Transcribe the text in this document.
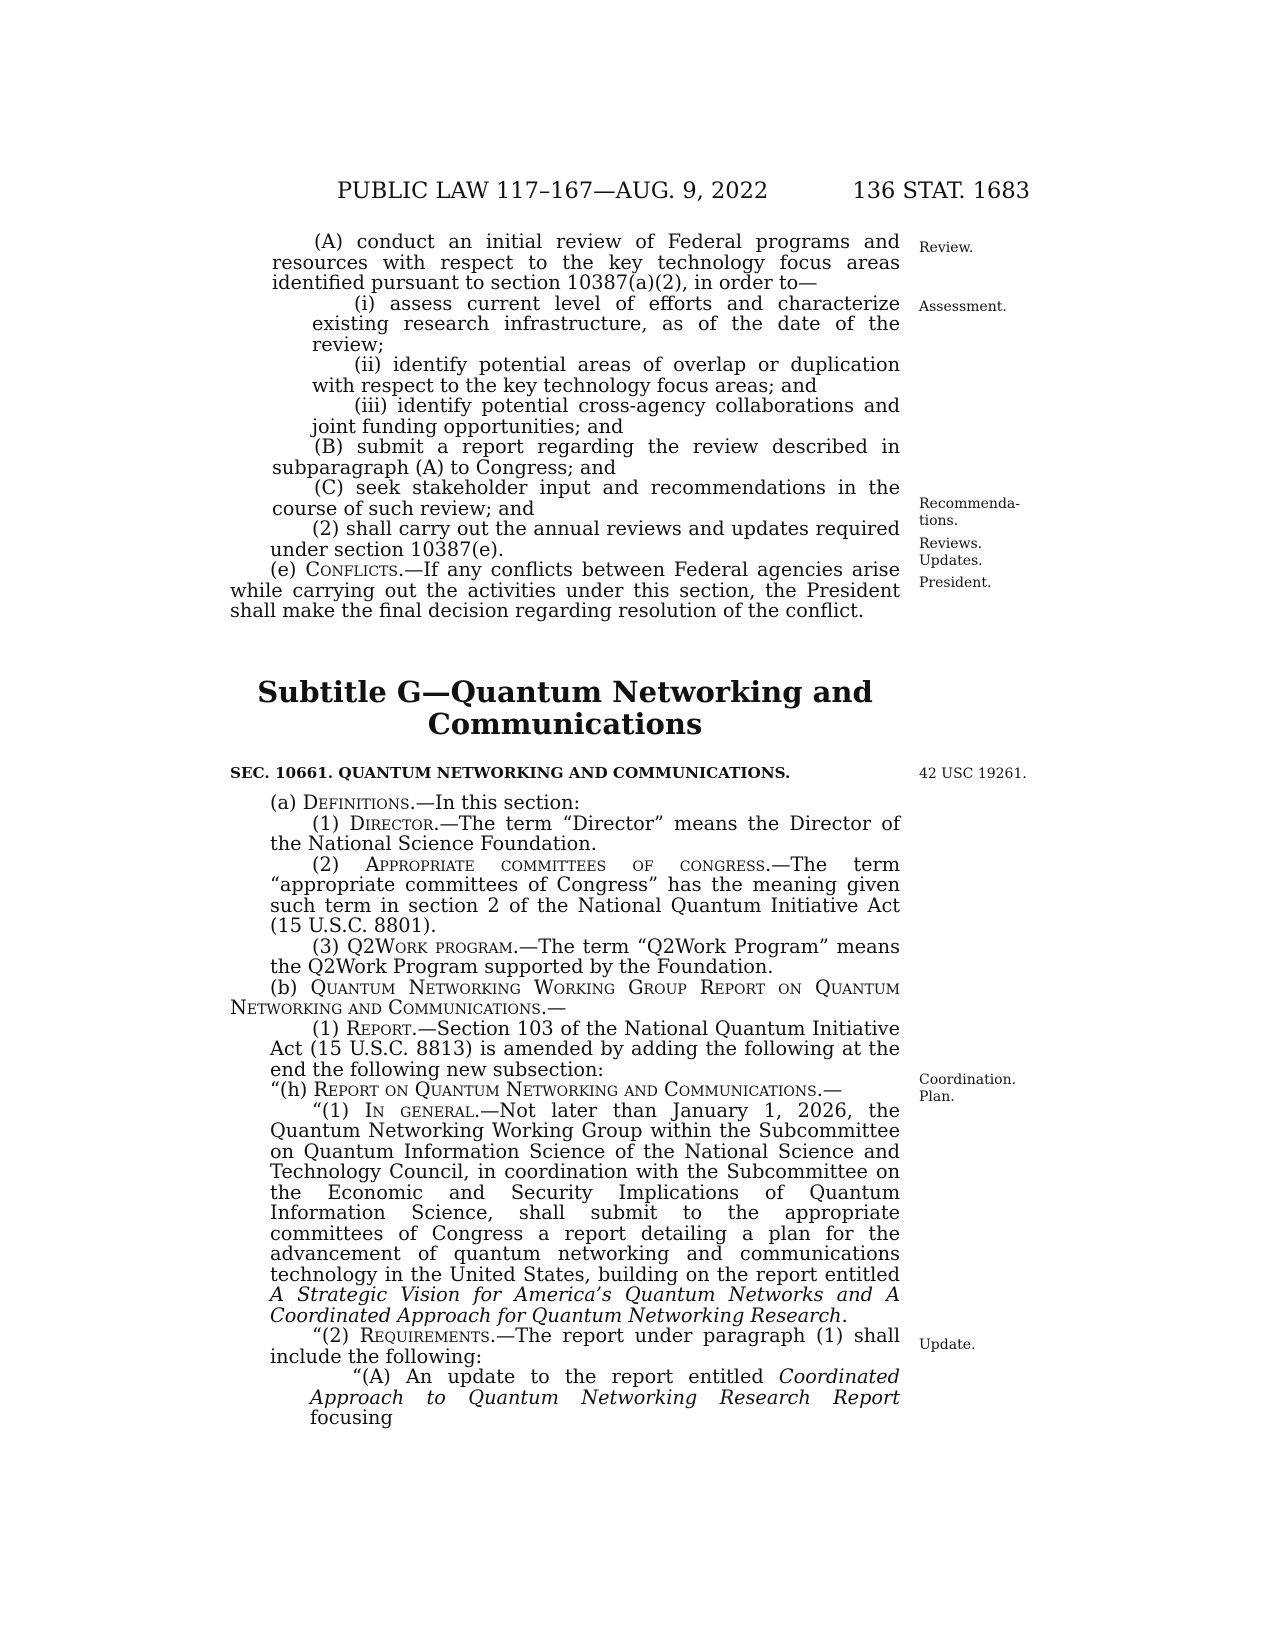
PUBLIC LAW 117–167—AUG. 9, 2022	136 STAT. 1683

(A) conduct an initial review of Federal programs and resources with respect to the key technology focus areas identified pursuant to section 10387(a)(2), in order to—

(i) assess current level of efforts and characterize existing research infrastructure, as of the date of the review;

(ii) identify potential areas of overlap or duplication with respect to the key technology focus areas; and

(iii) identify potential cross-agency collaborations and joint funding opportunities; and

(B) submit a report regarding the review described in subparagraph (A) to Congress; and

(C) seek stakeholder input and recommendations in the course of such review; and

(2) shall carry out the annual reviews and updates required under section 10387(e).

(e) Conflicts.—If any conflicts between Federal agencies arise while carrying out the activities under this section, the President shall make the final decision regarding resolution of the conflict.

Subtitle G—Quantum Networking and
Communications
SEC. 10661. QUANTUM NETWORKING AND COMMUNICATIONS.

(a) Definitions.—In this section:

(1) Director.—The term “Director” means the Director of the National Science Foundation.

(2) Appropriate committees of congress.—The term “appropriate committees of Congress” has the meaning given such term in section 2 of the National Quantum Initiative Act (15 U.S.C. 8801).

(3) Q2Work program.—The term “Q2Work Program” means the Q2Work Program supported by the Foundation.

(b) Quantum Networking Working Group Report on Quantum Networking and Communications.—

(1) Report.—Section 103 of the National Quantum Initiative Act (15 U.S.C. 8813) is amended by adding the following at the end the following new subsection:

“(h) Report on Quantum Networking and Communications.—

“(1) In general.—Not later than January 1, 2026, the Quantum Networking Working Group within the Subcommittee on Quantum Information Science of the National Science and Technology Council, in coordination with the Subcommittee on the Economic and Security Implications of Quantum Information Science, shall submit to the appropriate committees of Congress a report detailing a plan for the advancement of quantum networking and communications technology in the United States, building on the report entitled A Strategic Vision for America’s Quantum Networks and A Coordinated Approach for Quantum Networking Research.

“(2) Requirements.—The report under paragraph (1) shall include the following:

“(A) An update to the report entitled Coordinated Approach to Quantum Networking Research Report focusing

Review.
Assessment.
Recommenda-
tions.
Reviews.
Updates.
President.
42 USC 19261.
Coordination.
Plan.
Update.
